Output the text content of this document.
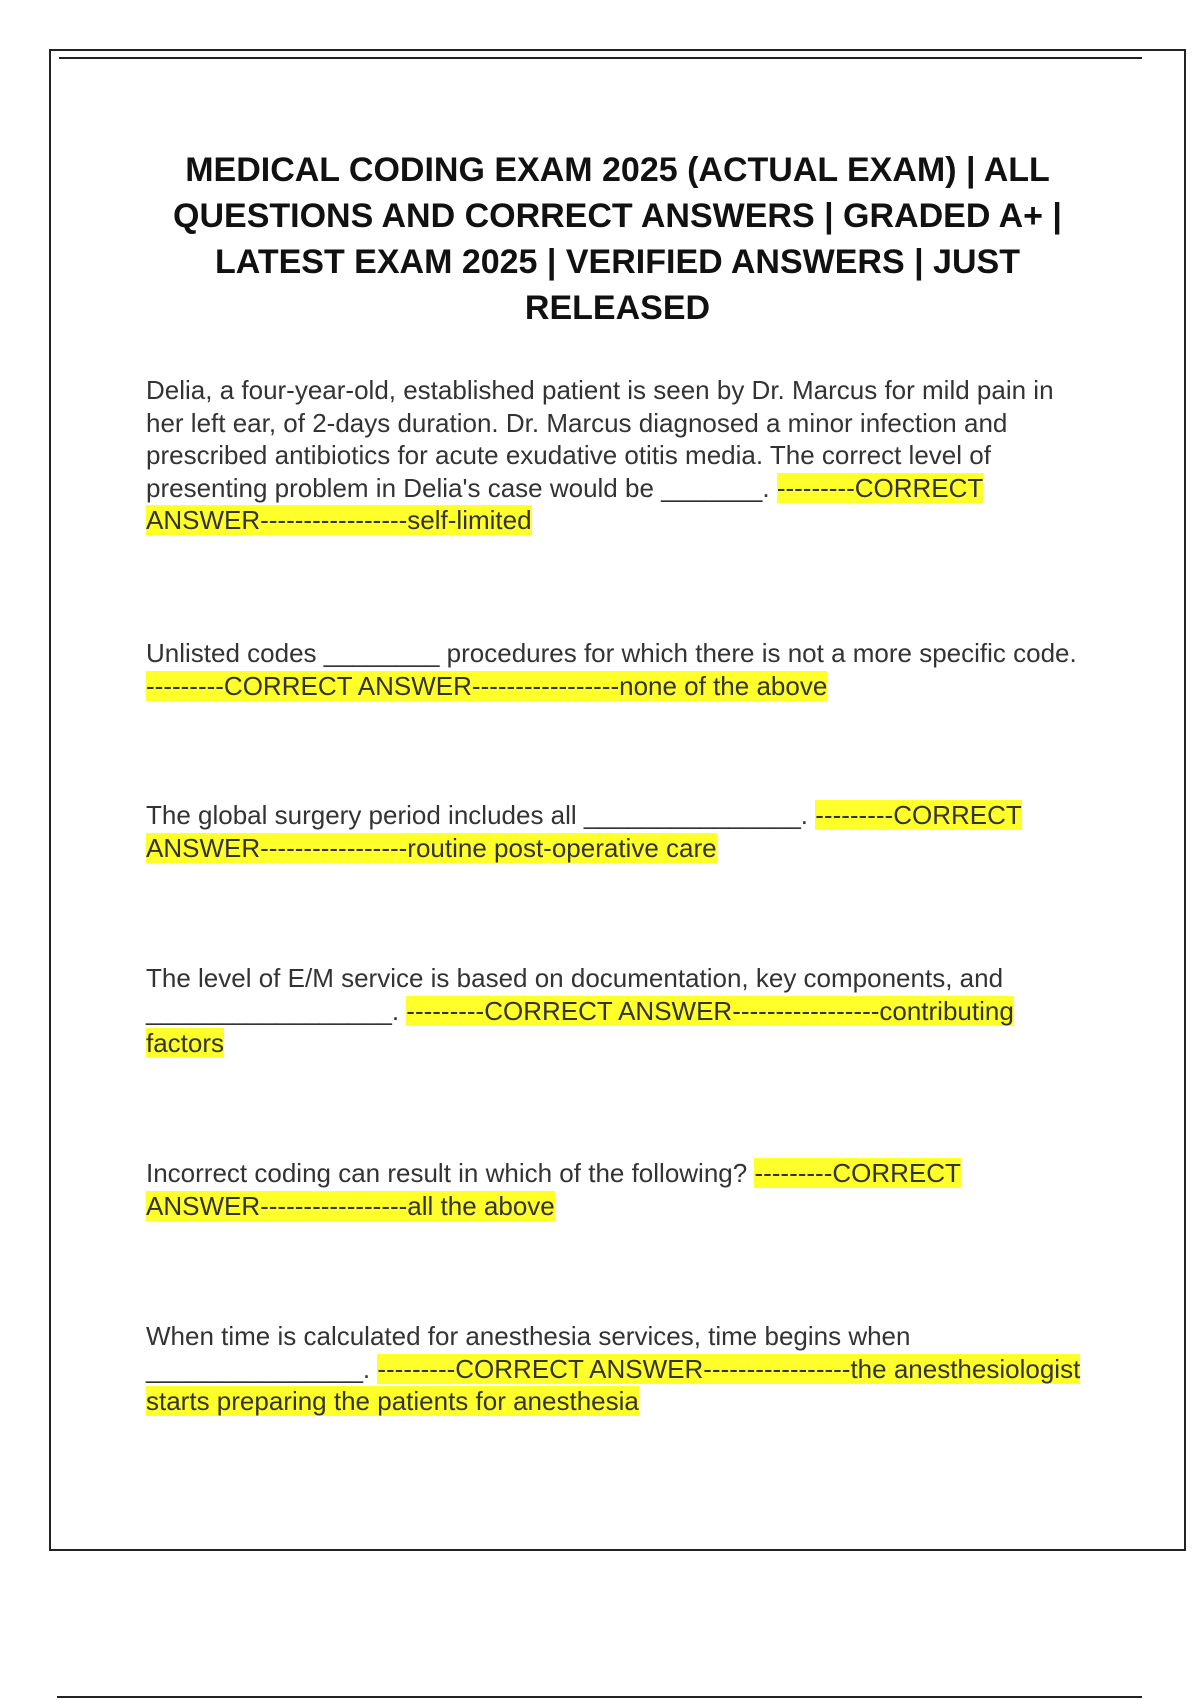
MEDICAL CODING EXAM 2025 (ACTUAL EXAM) | ALL QUESTIONS AND CORRECT ANSWERS | GRADED A+ | LATEST EXAM 2025 | VERIFIED ANSWERS | JUST RELEASED

Delia, a four-year-old, established patient is seen by Dr. Marcus for mild pain in her left ear, of 2-days duration. Dr. Marcus diagnosed a minor infection and prescribed antibiotics for acute exudative otitis media. The correct level of presenting problem in Delia's case would be _______. ---------CORRECT ANSWER-----------------self-limited

Unlisted codes ________ procedures for which there is not a more specific code. ---------CORRECT ANSWER-----------------none of the above

The global surgery period includes all _______________. ---------CORRECT ANSWER-----------------routine post-operative care

The level of E/M service is based on documentation, key components, and _________________. ---------CORRECT ANSWER-----------------contributing factors

Incorrect coding can result in which of the following? ---------CORRECT ANSWER-----------------all the above

When time is calculated for anesthesia services, time begins when _______________. ---------CORRECT ANSWER-----------------the anesthesiologist starts preparing the patients for anesthesia
